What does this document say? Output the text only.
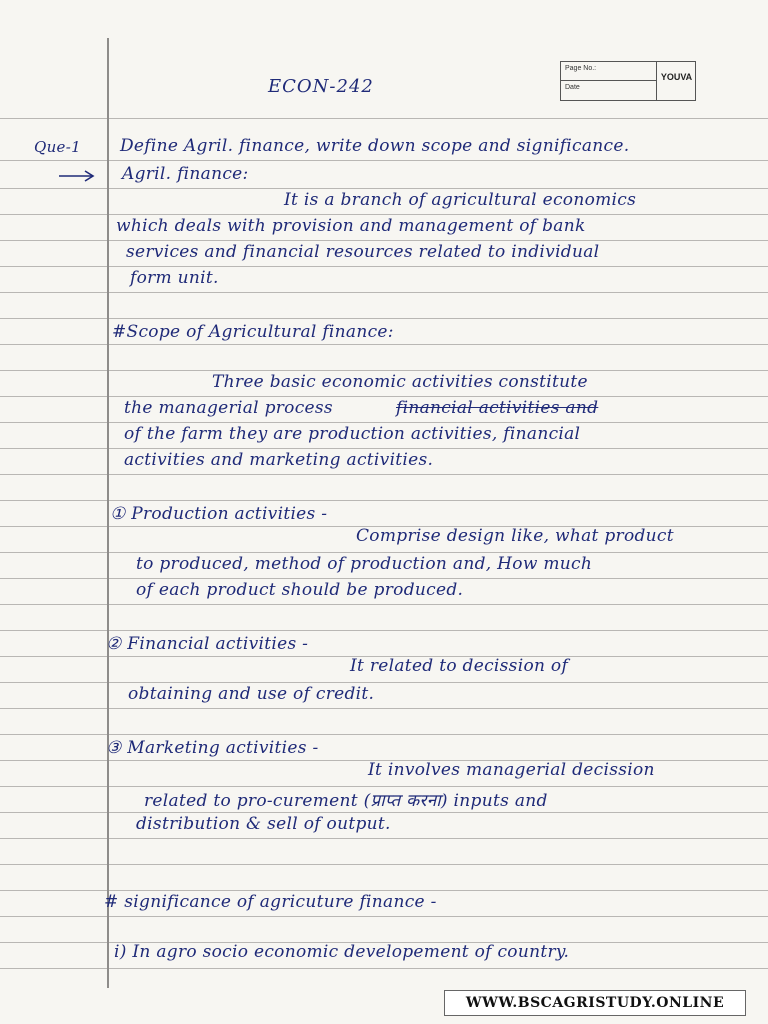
ECON-242
Page No.:
Date
YOUVA
Que-1 Define Agril. finance, write down scope and significance.
Agril. finance:
It is a branch of agricultural economics
which deals with provision and management of bank
services and financial resources related to individual
form unit.
#Scope of Agricultural finance:
Three basic economic activities constitute
the managerial process	financial activities and
of the farm they are production activities, financial
activities and marketing activities.
① Production activities -
Comprise design like, what product
to produced, method of production and, How much
of each product should be produced.
② Financial activities -
It related to decission of
obtaining and use of credit.
③ Marketing activities -
It involves managerial decission
related to pro-curement (प्राप्त करना) inputs and
distribution & sell of output.
# significance of agricuture finance -
i) In agro socio economic developement of country.
WWW.BSCAGRISTUDY.ONLINE
